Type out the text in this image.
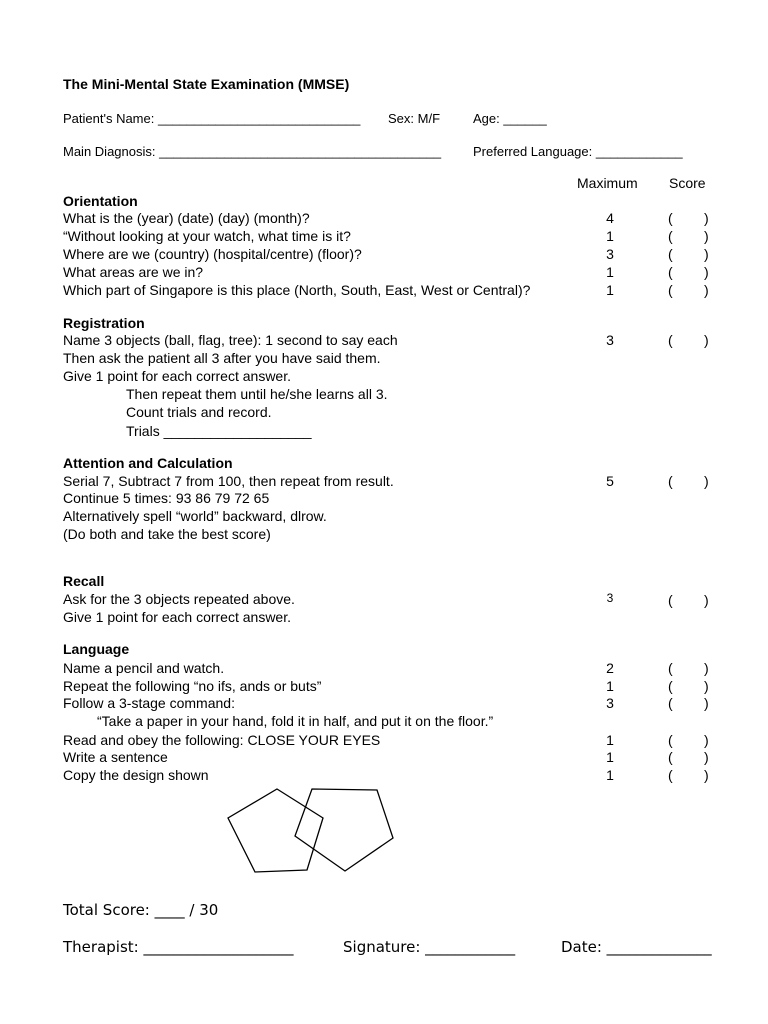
The Mini-Mental State Examination (MMSE)
Patient's Name: ____________________________ Sex: M/F	Age: ______
Main Diagnosis: _______________________________________ Preferred Language: ____________
Maximum Score
Orientation
What is the (year) (date) (day) (month)?	4	( )
“Without looking at your watch, what time is it?	1	( )
Where are we (country) (hospital/centre) (floor)?	3	( )
What areas are we in?	1	( )
Which part of Singapore is this place (North, South, East, West or Central)?	1	( )
Registration
Name 3 objects (ball, flag, tree): 1 second to say each	3	( )
Then ask the patient all 3 after you have said them.
Give 1 point for each correct answer.
Then repeat them until he/she learns all 3.
Count trials and record.
Trials ___________________
Attention and Calculation
Serial 7, Subtract 7 from 100, then repeat from result.	5	( )
Continue 5 times: 93 86 79 72 65
Alternatively spell “world” backward, dlrow.
(Do both and take the best score)
Recall
Ask for the 3 objects repeated above.	3	( )
Give 1 point for each correct answer.
Language
Name a pencil and watch.	2	( )
Repeat the following “no ifs, ands or buts”	1	( )
Follow a 3-stage command:	3	( )
“Take a paper in your hand, fold it in half, and put it on the floor.”
Read and obey the following: CLOSE YOUR EYES	1	( )
Write a sentence	1	( )
Copy the design shown	1	( )
Total Score: ____ / 30
Therapist: ____________________	Signature: ____________	Date: ______________
